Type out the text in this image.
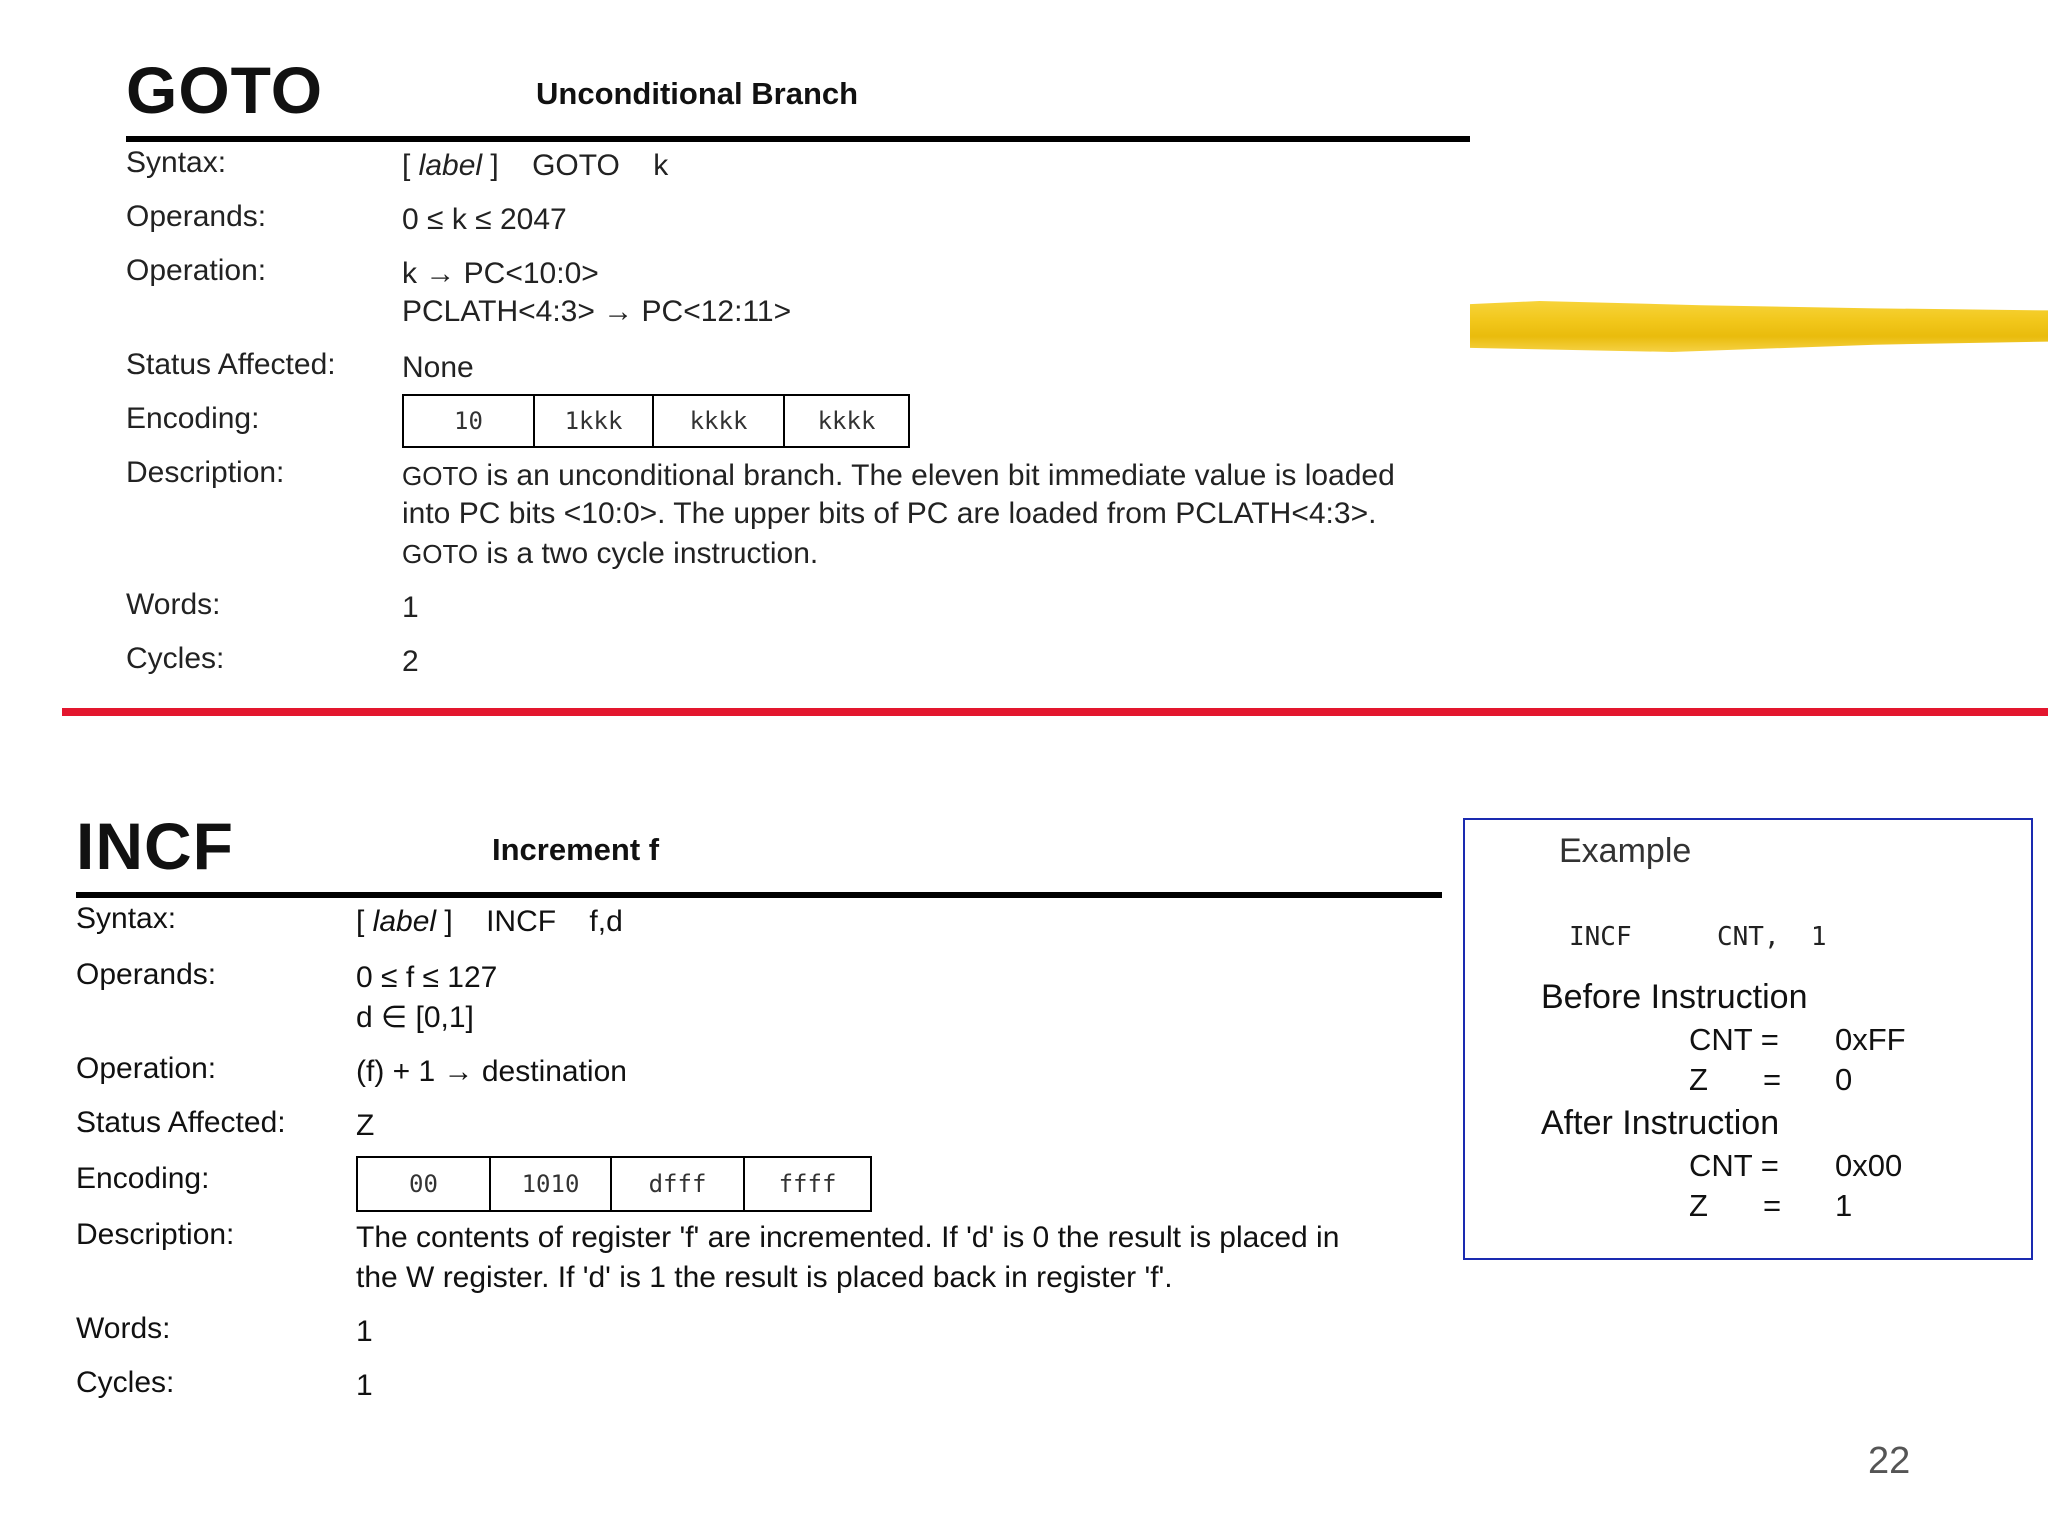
GOTO	Unconditional Branch
Syntax:	[ label ]    GOTO    k
Operands:	0 ≤ k ≤ 2047
Operation:	k → PC<10:0>
PCLATH<4:3> → PC<12:11>
Status Affected: None
Encoding:	10	1kkk	kkkk	kkkk
Description:	GOTO is an unconditional branch. The eleven bit immediate value is loaded
into PC bits <10:0>. The upper bits of PC are loaded from PCLATH<4:3>.
GOTO is a two cycle instruction.
Words:	1
Cycles:	2
INCF	Increment f
Syntax:	[ label ]    INCF    f,d
Operands:	0 ≤ f ≤ 127
d ∈ [0,1]
Operation:	(f) + 1 → destination
Status Affected: Z
Encoding:	00	1010	dfff	ffff
Description:	The contents of register 'f' are incremented. If 'd' is 0 the result is placed in
the W register. If 'd' is 1 the result is placed back in register 'f'.
Words:	1
Cycles:	1
Example
INCF	CNT,  1
Before Instruction
CNT = 0xFF
Z = 0
After Instruction
CNT = 0x00
Z = 1
22
